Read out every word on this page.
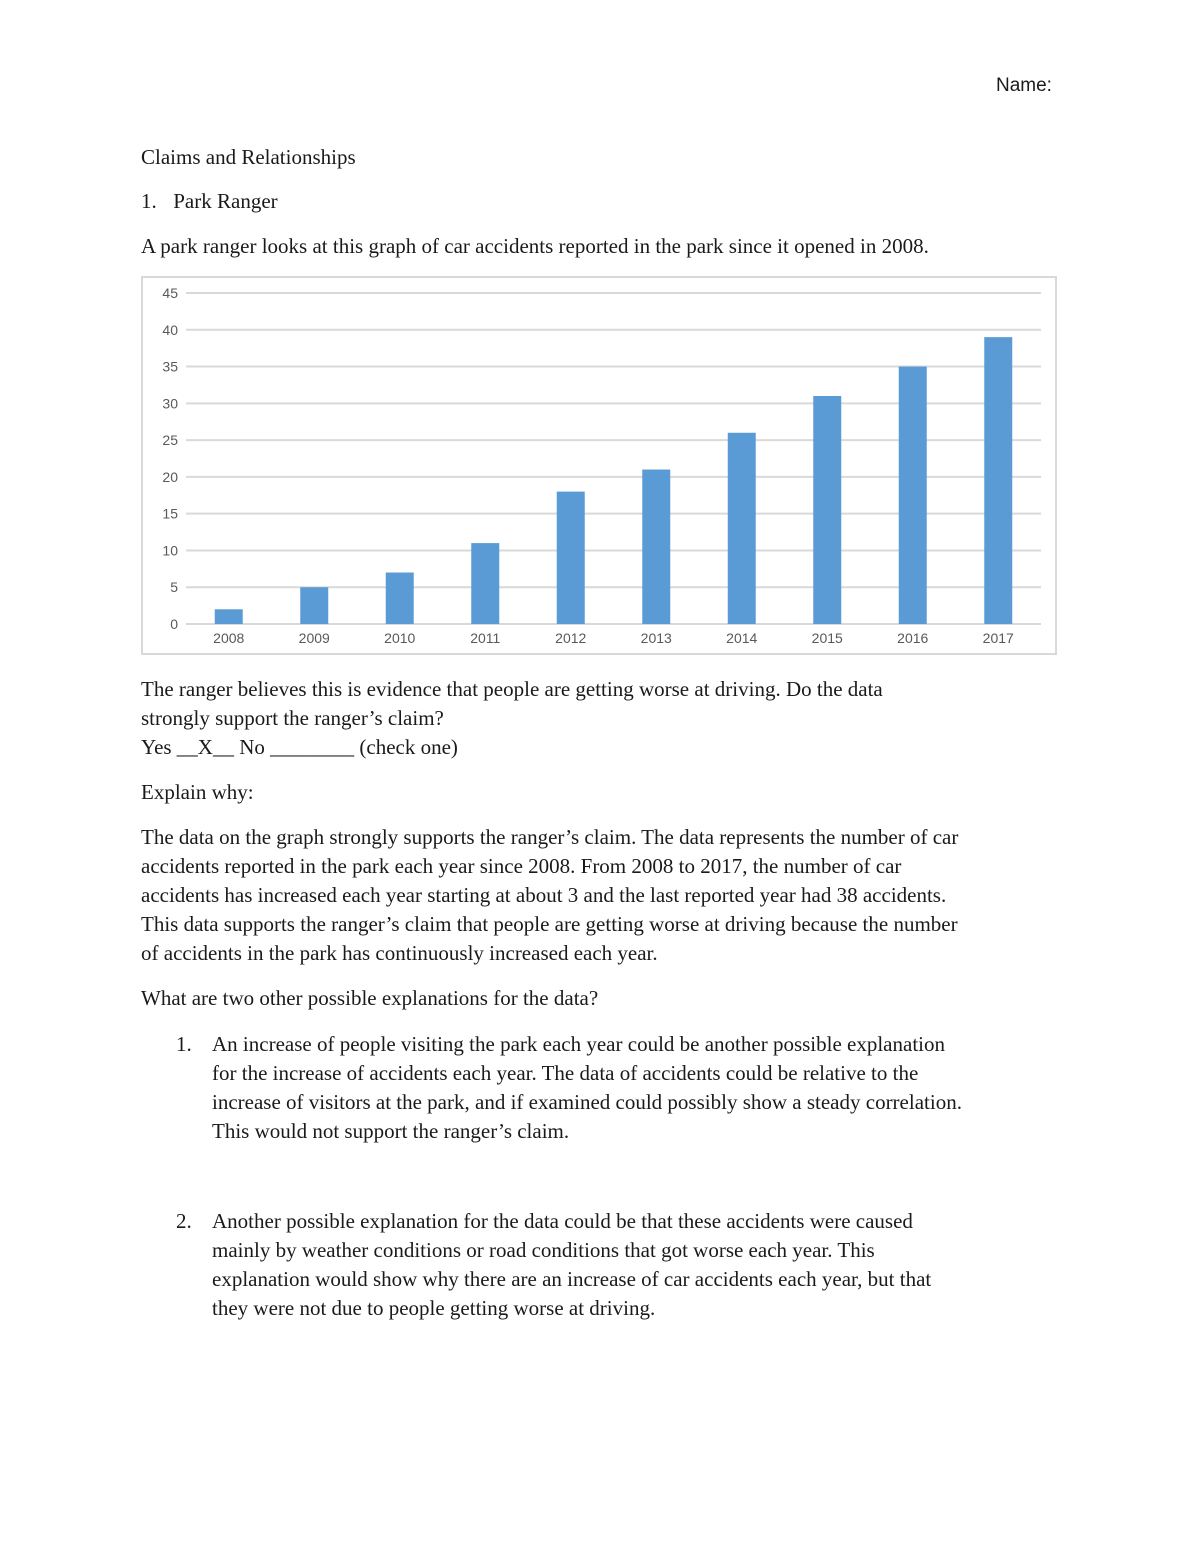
Name:
Claims and Relationships
1. Park Ranger
A park ranger looks at this graph of car accidents reported in the park since it opened in 2008.
0
5
10
15
20
25
30
35
40
45
2008	2009	2010	2011	2012	2013	2014	2015	2016	2017
The ranger believes this is evidence that people are getting worse at driving. Do the data
strongly support the ranger’s claim?
Yes __X__ No ________ (check one)
Explain why:
The data on the graph strongly supports the ranger’s claim. The data represents the number of car
accidents reported in the park each year since 2008. From 2008 to 2017, the number of car
accidents has increased each year starting at about 3 and the last reported year had 38 accidents.
This data supports the ranger’s claim that people are getting worse at driving because the number
of accidents in the park has continuously increased each year.
What are two other possible explanations for the data?
1. An increase of people visiting the park each year could be another possible explanation
for the increase of accidents each year. The data of accidents could be relative to the
increase of visitors at the park, and if examined could possibly show a steady correlation.
This would not support the ranger’s claim.
2. Another possible explanation for the data could be that these accidents were caused
mainly by weather conditions or road conditions that got worse each year. This
explanation would show why there are an increase of car accidents each year, but that
they were not due to people getting worse at driving.
